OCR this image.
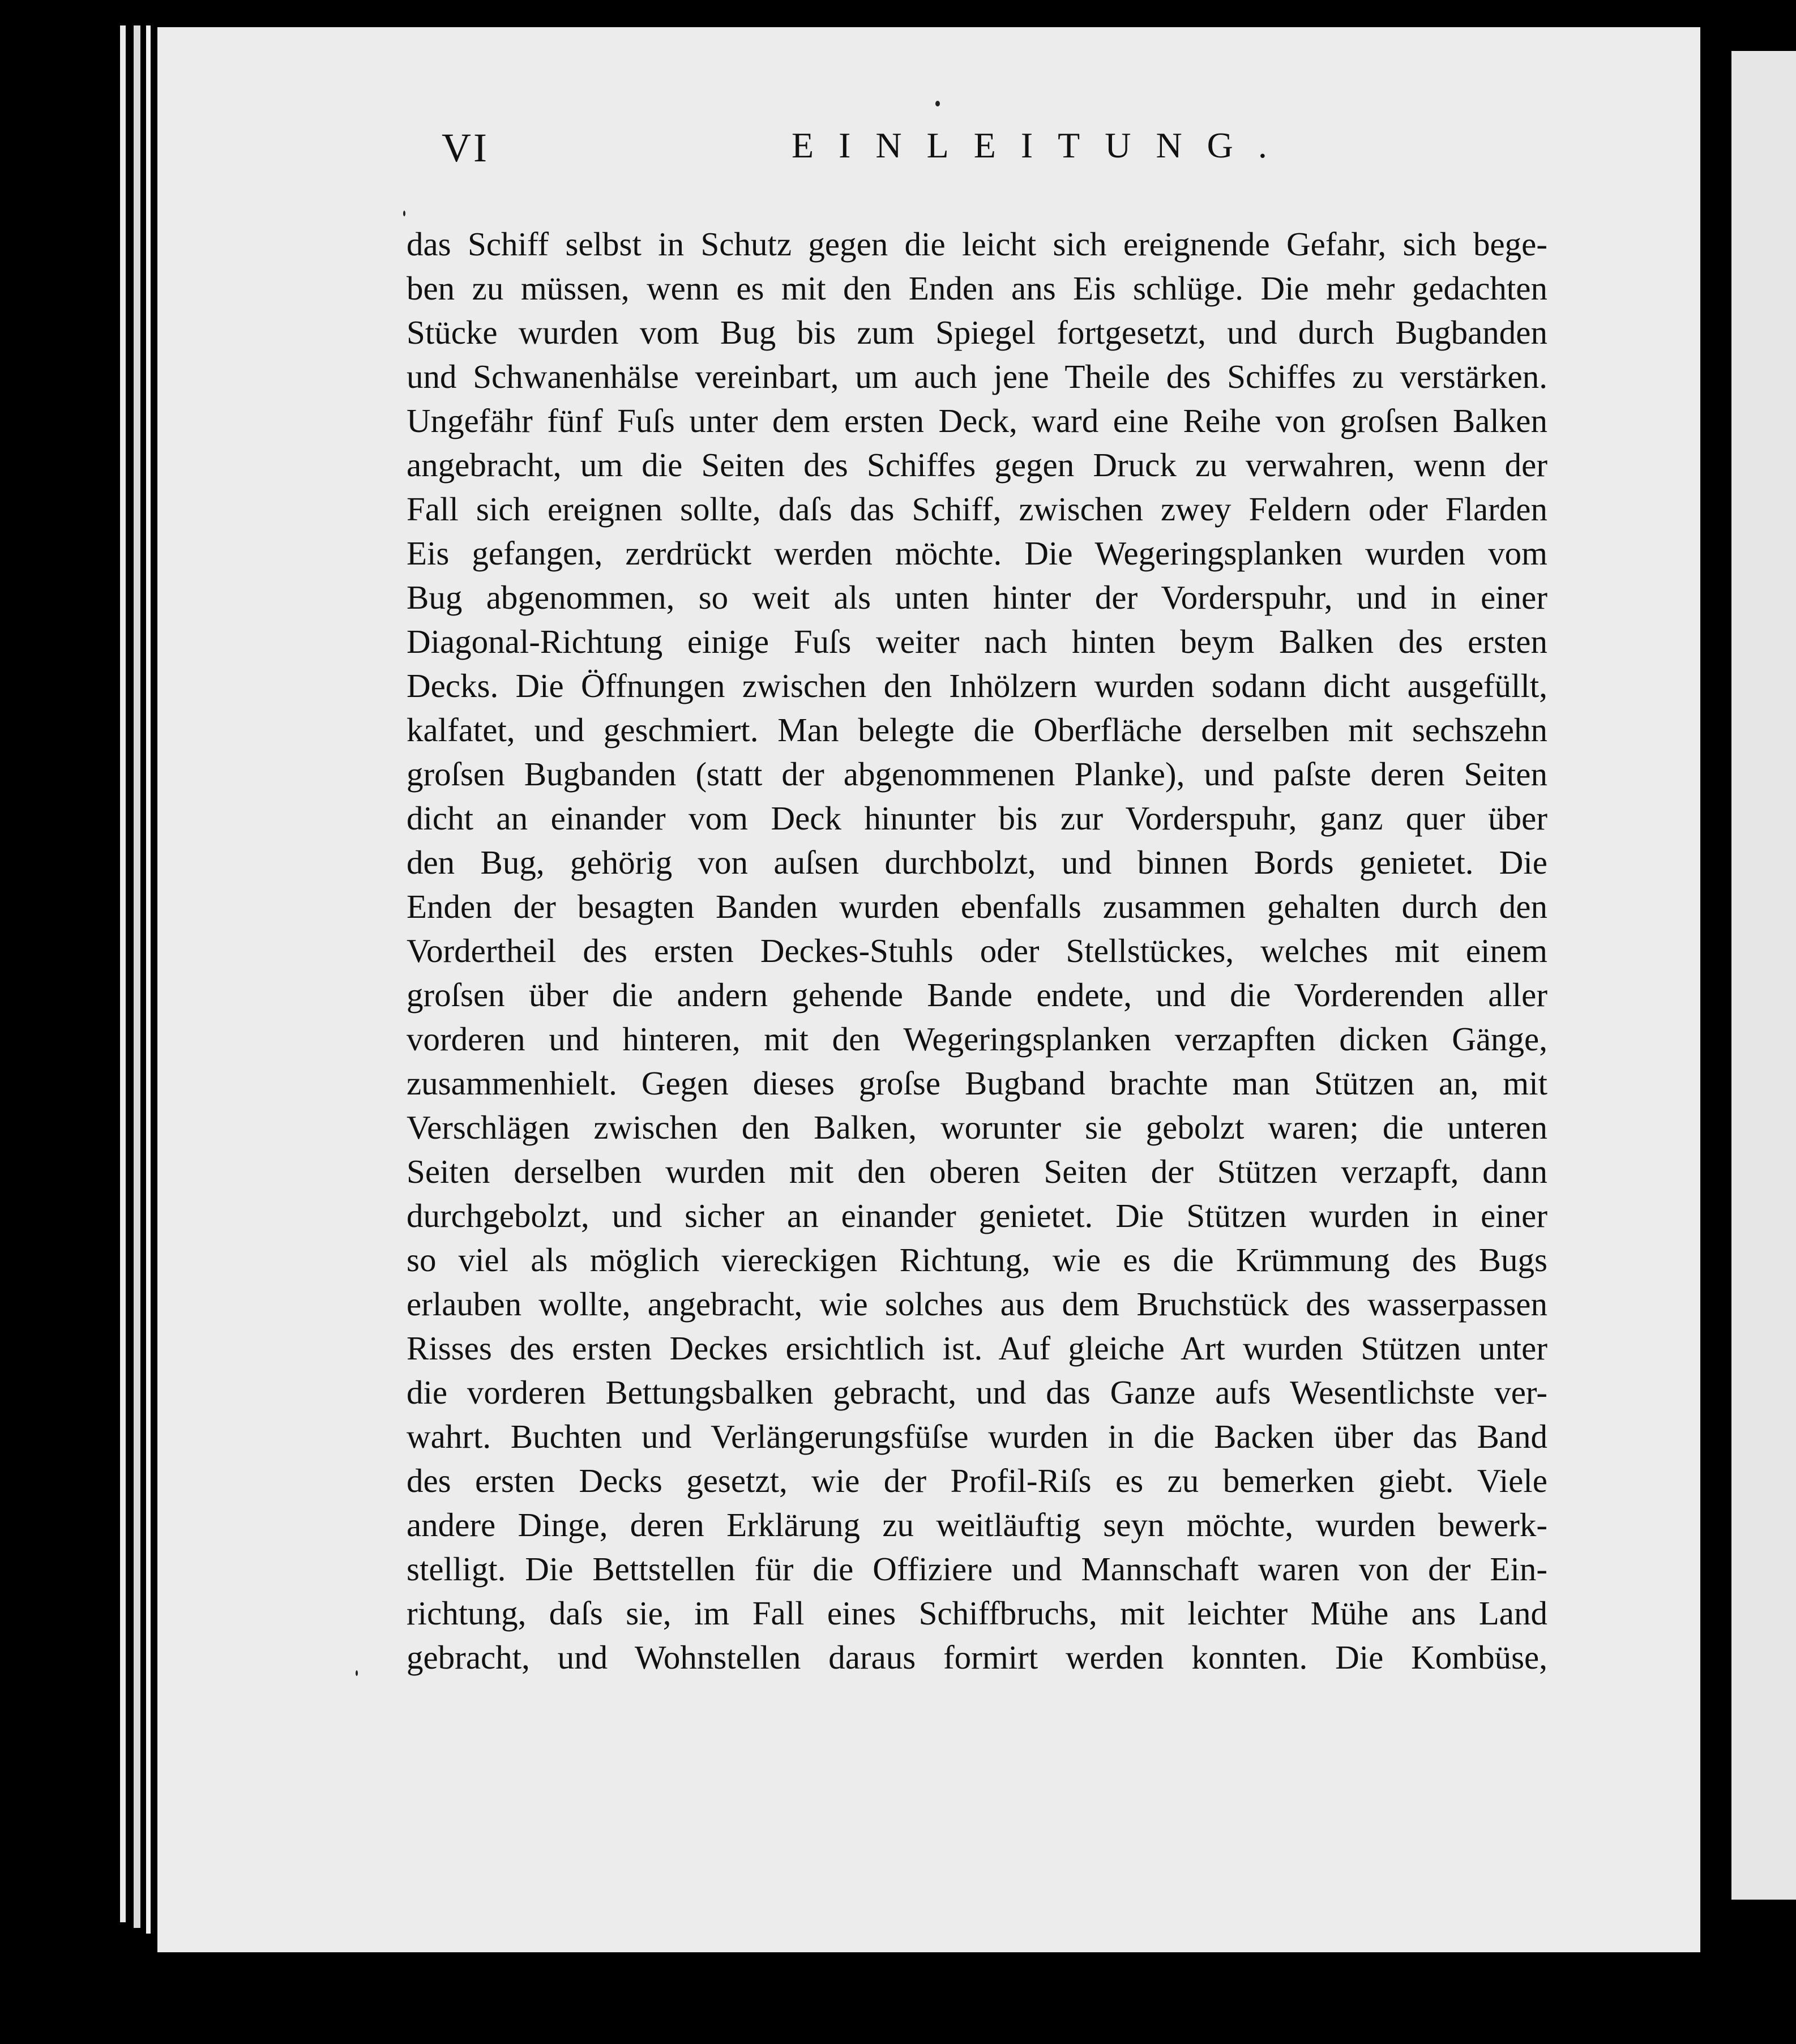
VI	EINLEITUNG.
das Schiff selbst in Schutz gegen die leicht sich ereignende Gefahr, sich bege-
ben zu müssen, wenn es mit den Enden ans Eis schlüge. Die mehr gedachten
Stücke wurden vom Bug bis zum Spiegel fortgesetzt, und durch Bugbanden
und Schwanenhälse vereinbart, um auch jene Theile des Schiffes zu verstärken.
Ungefähr fünf Fuſs unter dem ersten Deck, ward eine Reihe von groſsen Balken
angebracht, um die Seiten des Schiffes gegen Druck zu verwahren, wenn der
Fall sich ereignen sollte, daſs das Schiff, zwischen zwey Feldern oder Flarden
Eis gefangen, zerdrückt werden möchte. Die Wegeringsplanken wurden vom
Bug abgenommen, so weit als unten hinter der Vorderspuhr, und in einer
Diagonal-Richtung einige Fuſs weiter nach hinten beym Balken des ersten
Decks. Die Öffnungen zwischen den Inhölzern wurden sodann dicht ausgefüllt,
kalfatet, und geschmiert. Man belegte die Oberfläche derselben mit sechszehn
groſsen Bugbanden (statt der abgenommenen Planke), und paſste deren Seiten
dicht an einander vom Deck hinunter bis zur Vorderspuhr, ganz quer über
den Bug, gehörig von auſsen durchbolzt, und binnen Bords genietet. Die
Enden der besagten Banden wurden ebenfalls zusammen gehalten durch den
Vordertheil des ersten Deckes-Stuhls oder Stellstückes, welches mit einem
groſsen über die andern gehende Bande endete, und die Vorderenden aller
vorderen und hinteren, mit den Wegeringsplanken verzapften dicken Gänge,
zusammenhielt. Gegen dieses groſse Bugband brachte man Stützen an, mit
Verschlägen zwischen den Balken, worunter sie gebolzt waren; die unteren
Seiten derselben wurden mit den oberen Seiten der Stützen verzapft, dann
durchgebolzt, und sicher an einander genietet. Die Stützen wurden in einer
so viel als möglich viereckigen Richtung, wie es die Krümmung des Bugs
erlauben wollte, angebracht, wie solches aus dem Bruchstück des wasserpassen
Risses des ersten Deckes ersichtlich ist. Auf gleiche Art wurden Stützen unter
die vorderen Bettungsbalken gebracht, und das Ganze aufs Wesentlichste ver-
wahrt. Buchten und Verlängerungsfüſse wurden in die Backen über das Band
des ersten Decks gesetzt, wie der Profil-Riſs es zu bemerken giebt. Viele
andere Dinge, deren Erklärung zu weitläuftig seyn möchte, wurden bewerk-
stelligt. Die Bettstellen für die Offiziere und Mannschaft waren von der Ein-
richtung, daſs sie, im Fall eines Schiffbruchs, mit leichter Mühe ans Land
gebracht, und Wohnstellen daraus formirt werden konnten. Die Kombüse,
